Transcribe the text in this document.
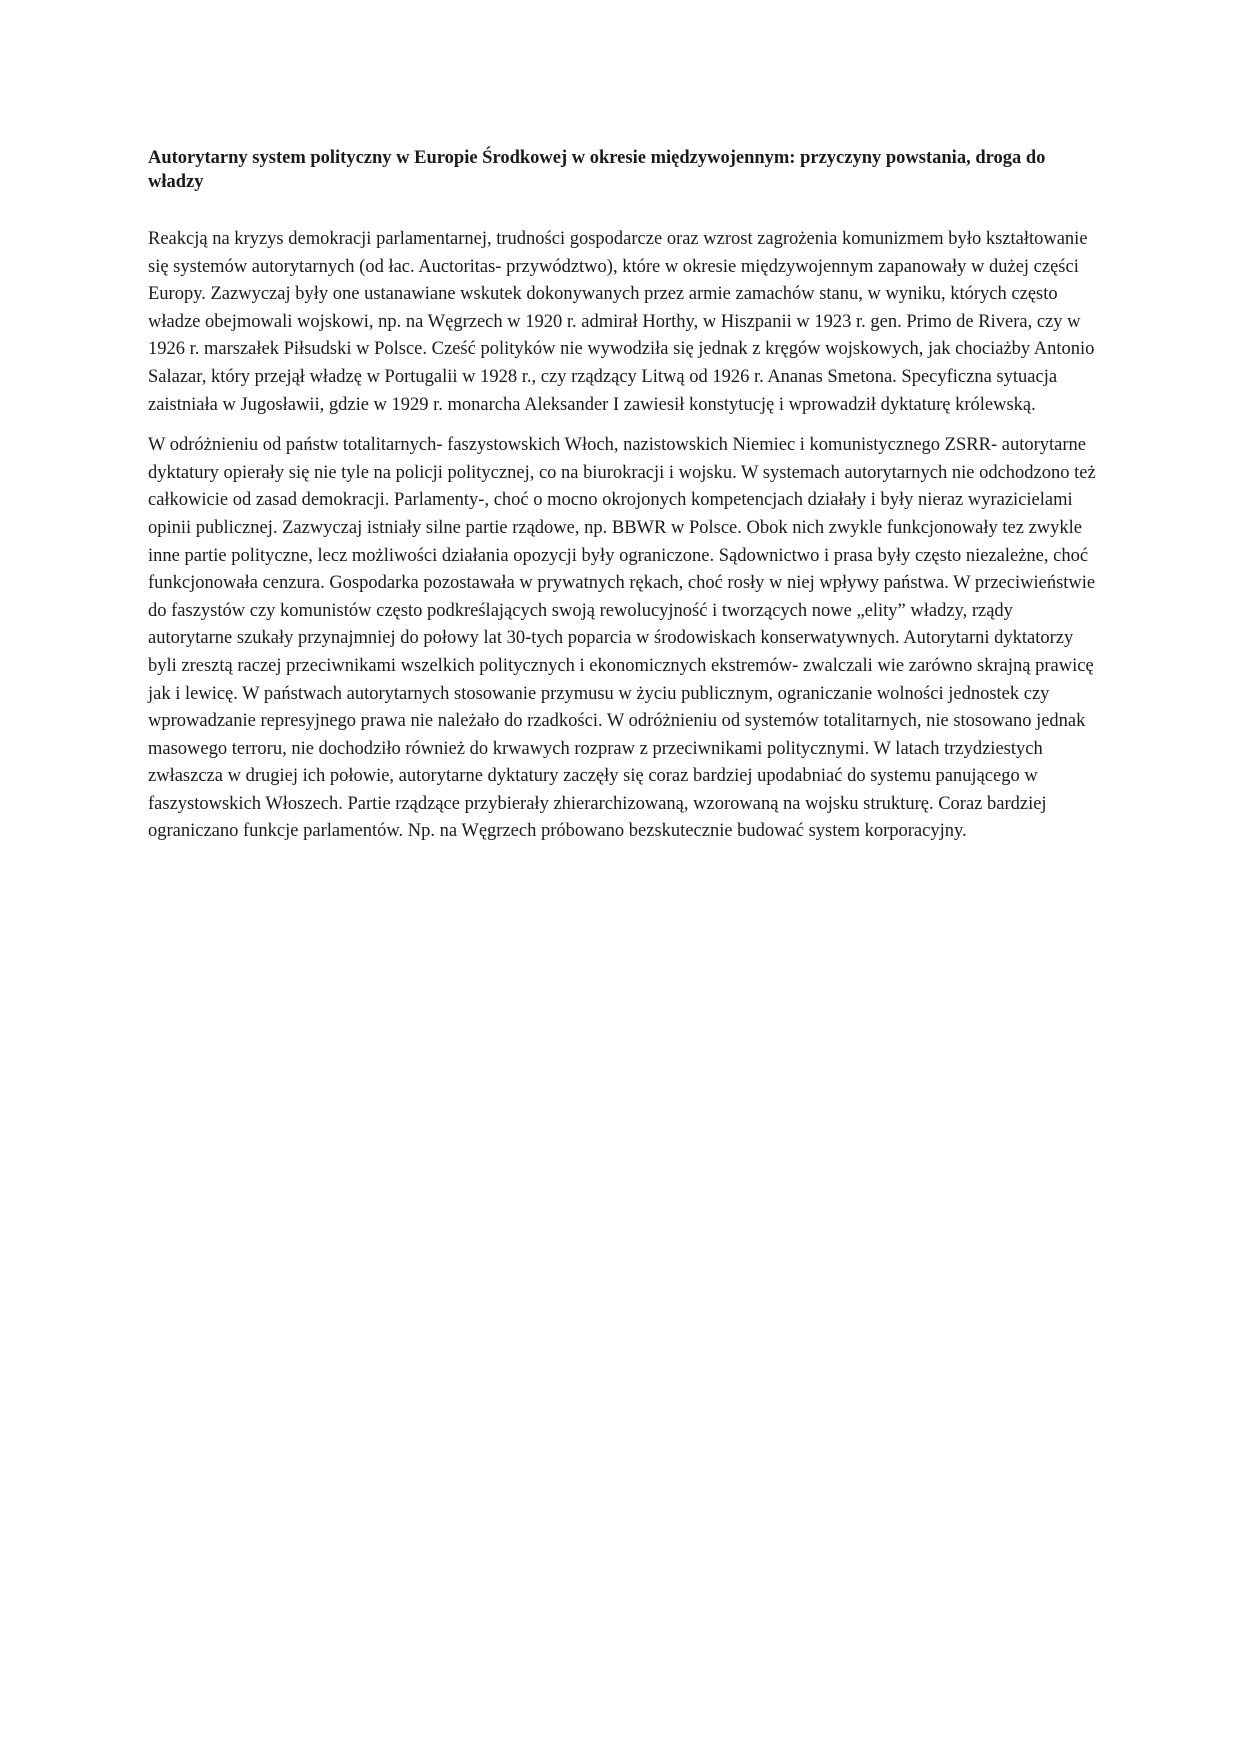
Autorytarny system polityczny w Europie Środkowej w okresie międzywojennym: przyczyny powstania, droga do władzy

Reakcją na kryzys demokracji parlamentarnej, trudności gospodarcze oraz wzrost zagrożenia komunizmem było kształtowanie się systemów autorytarnych (od łac. Auctoritas- przywództwo), które w okresie międzywojennym zapanowały w dużej części Europy. Zazwyczaj były one ustanawiane wskutek dokonywanych przez armie zamachów stanu, w wyniku, których często władze obejmowali wojskowi, np. na Węgrzech w 1920 r. admirał Horthy, w Hiszpanii w 1923 r. gen. Primo de Rivera, czy w 1926 r. marszałek Piłsudski w Polsce. Cześć polityków nie wywodziła się jednak z kręgów wojskowych, jak chociażby Antonio Salazar, który przejął władzę w Portugalii w 1928 r., czy rządzący Litwą od 1926 r. Ananas Smetona. Specyficzna sytuacja zaistniała w Jugosławii, gdzie w 1929 r. monarcha Aleksander I zawiesił konstytucję i wprowadził dyktaturę królewską.

W odróżnieniu od państw totalitarnych- faszystowskich Włoch, nazistowskich Niemiec i komunistycznego ZSRR- autorytarne dyktatury opierały się nie tyle na policji politycznej, co na biurokracji i wojsku. W systemach autorytarnych nie odchodzono też całkowicie od zasad demokracji. Parlamenty-, choć o mocno okrojonych kompetencjach działały i były nieraz wyrazicielami opinii publicznej. Zazwyczaj istniały silne partie rządowe, np. BBWR w Polsce. Obok nich zwykle funkcjonowały tez zwykle inne partie polityczne, lecz możliwości działania opozycji były ograniczone. Sądownictwo i prasa były często niezależne, choć funkcjonowała cenzura. Gospodarka pozostawała w prywatnych rękach, choć rosły w niej wpływy państwa. W przeciwieństwie do faszystów czy komunistów często podkreślających swoją rewolucyjność i tworzących nowe „elity” władzy, rządy autorytarne szukały przynajmniej do połowy lat 30-tych poparcia w środowiskach konserwatywnych. Autorytarni dyktatorzy byli zresztą raczej przeciwnikami wszelkich politycznych i ekonomicznych ekstremów- zwalczali wie zarówno skrajną prawicę jak i lewicę. W państwach autorytarnych stosowanie przymusu w życiu publicznym, ograniczanie wolności jednostek czy wprowadzanie represyjnego prawa nie należało do rzadkości. W odróżnieniu od systemów totalitarnych, nie stosowano jednak masowego terroru, nie dochodziło również do krwawych rozpraw z przeciwnikami politycznymi. W latach trzydziestych zwłaszcza w drugiej ich połowie, autorytarne dyktatury zaczęły się coraz bardziej upodabniać do systemu panującego w faszystowskich Włoszech. Partie rządzące przybierały zhierarchizowaną, wzorowaną na wojsku strukturę. Coraz bardziej ograniczano funkcje parlamentów. Np. na Węgrzech próbowano bezskutecznie budować system korporacyjny.
